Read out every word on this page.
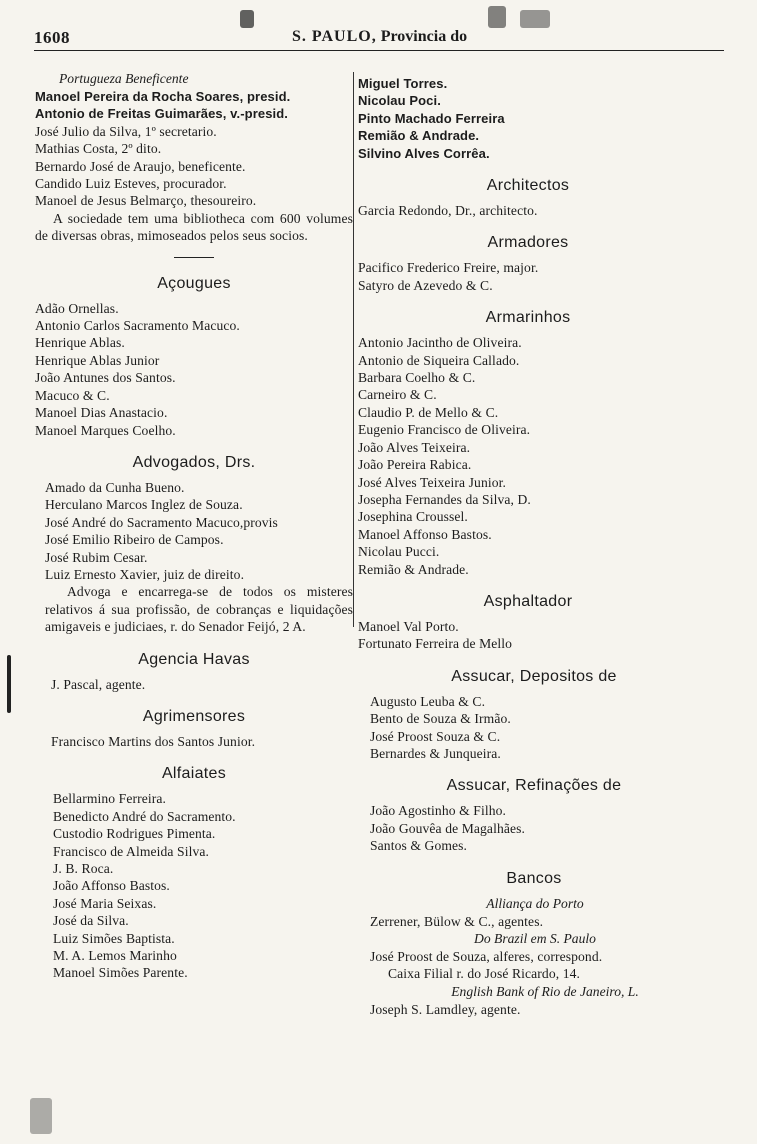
1608	S. PAULO, Provincia do
Portugueza Beneficente
Manoel Pereira da Rocha Soares, presid.
Antonio de Freitas Guimarães, v.-presid.
José Julio da Silva, 1º secretario.
Mathias Costa, 2º dito.
Bernardo José de Araujo, beneficente.
Candido Luiz Esteves, procurador.
Manoel de Jesus Belmarço, thesoureiro.
A sociedade tem uma bibliotheca com 600 volumes de diversas obras, mimoseados pelos seus socios.
Açougues
Adão Ornellas.
Antonio Carlos Sacramento Macuco.
Henrique Ablas.
Henrique Ablas Junior
João Antunes dos Santos.
Macuco & C.
Manoel Dias Anastacio.
Manoel Marques Coelho.
Advogados, Drs.
Amado da Cunha Bueno.
Herculano Marcos Inglez de Souza.
José André do Sacramento Macuco,provis
José Emilio Ribeiro de Campos.
José Rubim Cesar.
Luiz Ernesto Xavier, juiz de direito.
Advoga e encarrega-se de todos os misteres relativos á sua profissão, de cobranças e liquidações amigaveis e judiciaes, r. do Senador Feijó, 2 A.
Agencia Havas
J. Pascal, agente.
Agrimensores
Francisco Martins dos Santos Junior.
Alfaiates
Bellarmino Ferreira.
Benedicto André do Sacramento.
Custodio Rodrigues Pimenta.
Francisco de Almeida Silva.
J. B. Roca.
João Affonso Bastos.
José Maria Seixas.
José da Silva.
Luiz Simões Baptista.
M. A. Lemos Marinho
Manoel Simões Parente.
Miguel Torres.
Nicolau Poci.
Pinto Machado Ferreira
Remião & Andrade.
Silvino Alves Corrêa.
Architectos
Garcia Redondo, Dr., architecto.
Armadores
Pacifico Frederico Freire, major.
Satyro de Azevedo & C.
Armarinhos
Antonio Jacintho de Oliveira.
Antonio de Siqueira Callado.
Barbara Coelho & C.
Carneiro & C.
Claudio P. de Mello & C.
Eugenio Francisco de Oliveira.
João Alves Teixeira.
João Pereira Rabica.
José Alves Teixeira Junior.
Josepha Fernandes da Silva, D.
Josephina Croussel.
Manoel Affonso Bastos.
Nicolau Pucci.
Remião & Andrade.
Asphaltador
Manoel Val Porto.
Fortunato Ferreira de Mello
Assucar, Depositos de
Augusto Leuba & C.
Bento de Souza & Irmão.
José Proost Souza & C.
Bernardes & Junqueira.
Assucar, Refinações de
João Agostinho & Filho.
João Gouvêa de Magalhães.
Santos & Gomes.
Bancos
Alliança do Porto
Zerrener, Bülow & C., agentes.
Do Brazil em S. Paulo
José Proost de Souza, alferes, correspond.
Caixa Filial r. do José Ricardo, 14.
English Bank of Rio de Janeiro, L.
Joseph S. Lamdley, agente.
